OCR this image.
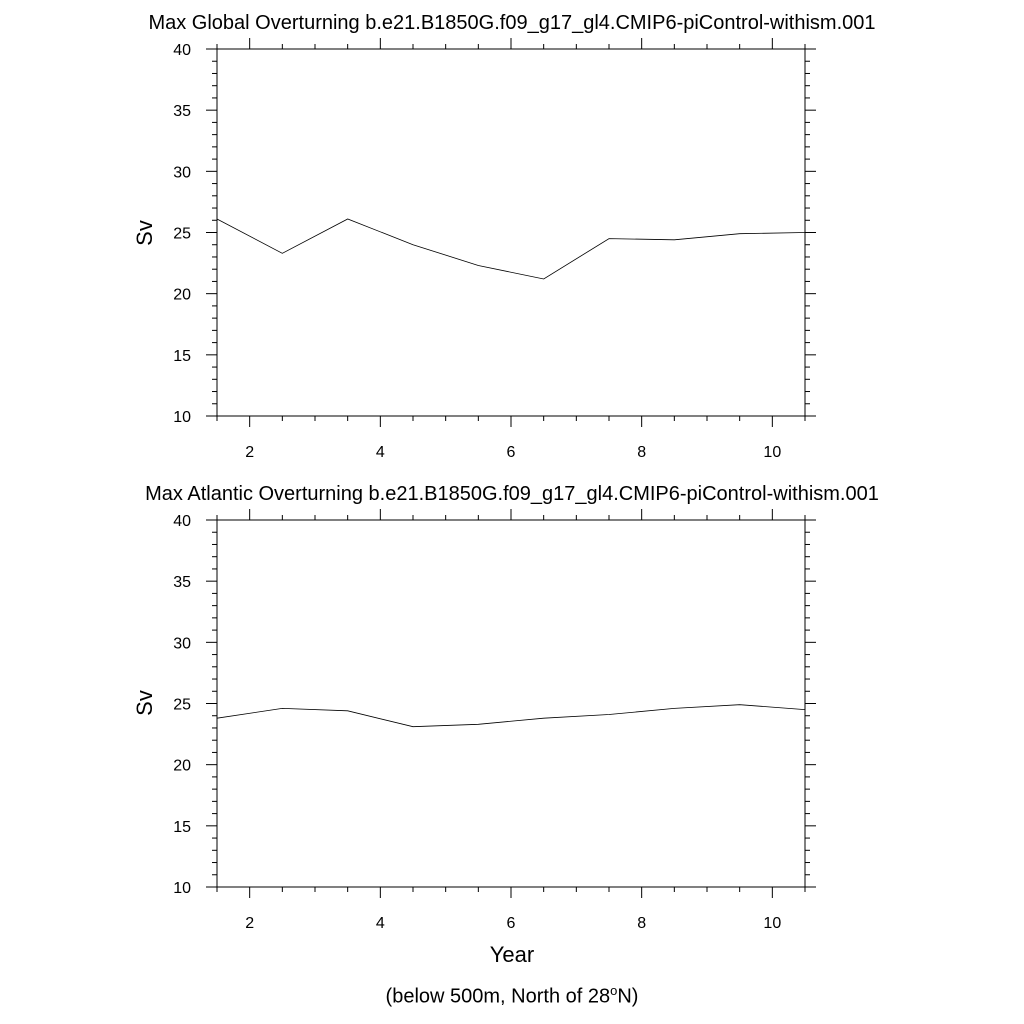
Max Global Overturning b.e21.B1850G.f09_g17_gl4.CMIP6-piControl-withism.001
Max Atlantic Overturning b.e21.B1850G.f09_g17_gl4.CMIP6-piControl-withism.001
Sv
Sv
Year
(below 500m, North of 28$^o$N)
2	4	6	8	10
10
15
20
25
30
35
40
2	4	6	8	10
10
15
20
25
30
35
40
